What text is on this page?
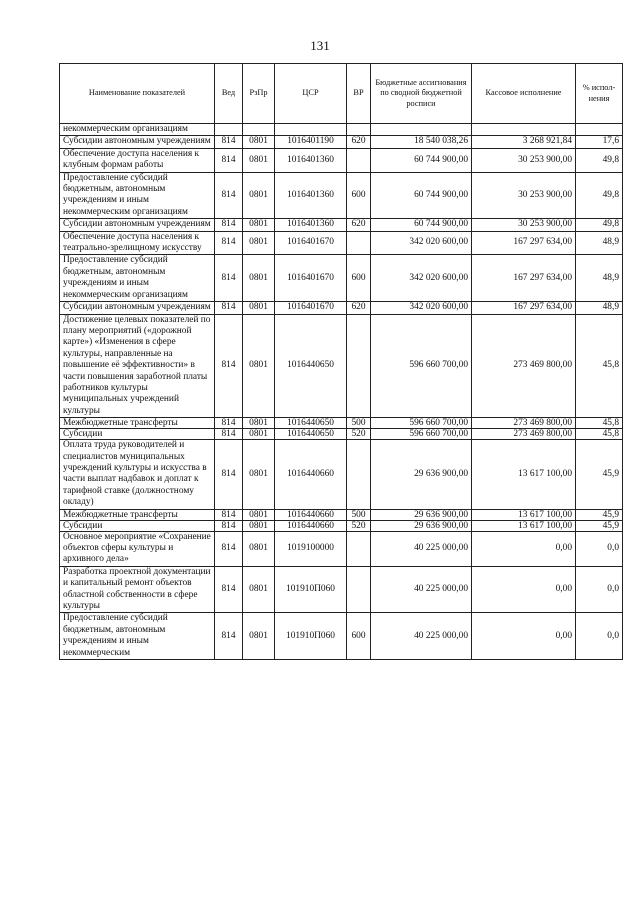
131
Наименование показателей	Вед	РзПр	ЦСР	ВР	Бюджетные ассигнования по сводной бюджетной росписи	Кассовое исполнение	% испол-нения
некоммерческим организациям							
Субсидии автономным учреждениям	814	0801	1016401190	620	18 540 038,26	3 268 921,84	17,6
Обеспечение доступа населения к клубным формам работы	814	0801	1016401360		60 744 900,00	30 253 900,00	49,8
Предоставление субсидий бюджетным, автономным учреждениям и иным некоммерческим организациям	814	0801	1016401360	600	60 744 900,00	30 253 900,00	49,8
Субсидии автономным учреждениям	814	0801	1016401360	620	60 744 900,00	30 253 900,00	49,8
Обеспечение доступа населения к театрально-зрелищному искусству	814	0801	1016401670		342 020 600,00	167 297 634,00	48,9
Предоставление субсидий бюджетным, автономным учреждениям и иным некоммерческим организациям	814	0801	1016401670	600	342 020 600,00	167 297 634,00	48,9
Субсидии автономным учреждениям	814	0801	1016401670	620	342 020 600,00	167 297 634,00	48,9
Достижение целевых показателей по плану мероприятий («дорожной карте») «Изменения в сфере культуры, направленные на повышение её эффективности» в части повышения заработной платы работников культуры муниципальных учреждений культуры	814	0801	1016440650		596 660 700,00	273 469 800,00	45,8
Межбюджетные трансферты	814	0801	1016440650	500	596 660 700,00	273 469 800,00	45,8
Субсидии	814	0801	1016440650	520	596 660 700,00	273 469 800,00	45,8
Оплата труда руководителей и специалистов муниципальных учреждений культуры и искусства в части выплат надбавок и доплат к тарифной ставке (должностному окладу)	814	0801	1016440660		29 636 900,00	13 617 100,00	45,9
Межбюджетные трансферты	814	0801	1016440660	500	29 636 900,00	13 617 100,00	45,9
Субсидии	814	0801	1016440660	520	29 636 900,00	13 617 100,00	45,9
Основное мероприятие «Сохранение объектов сферы культуры и архивного дела»	814	0801	1019100000		40 225 000,00	0,00	0,0
Разработка проектной документации и капитальный ремонт объектов областной собственности в сфере культуры	814	0801	101910П060		40 225 000,00	0,00	0,0
Предоставление субсидий бюджетным, автономным учреждениям и иным некоммерческим	814	0801	101910П060	600	40 225 000,00	0,00	0,0
